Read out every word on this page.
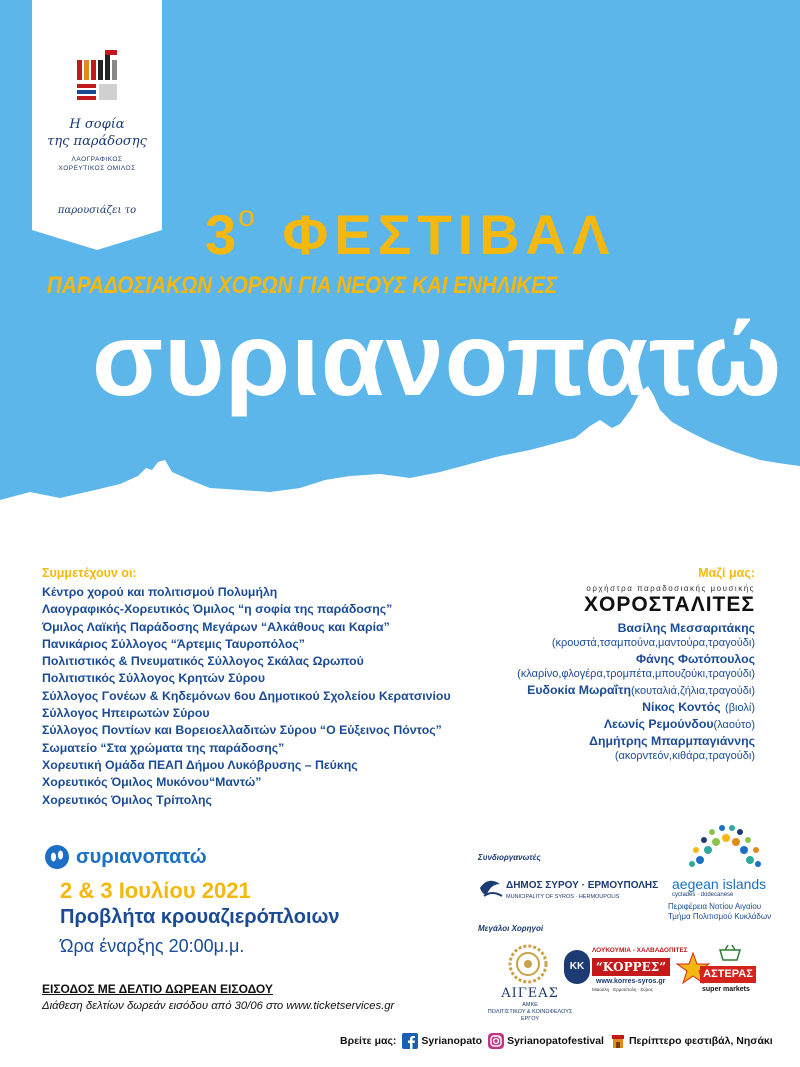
Η σοφία
της παράδοσης
ΛΑΟΓΡΑΦΙΚΟΣ
ΧΟΡΕΥΤΙΚΟΣ ΟΜΙΛΟΣ
παρουσιάζει το	$3^o$ ΦΕΣΤΙΒΑΛ
ΠΑΡΑΔΟΣΙΑΚΩΝ ΧΟΡΩΝ ΓΙΑ ΝΕΟΥΣ ΚΑΙ ΕΝΗΛΙΚΕΣ
συριανοπατώ
Συμμετέχουν οι:
Κέντρο χορού και πολιτισμού Πολυμήλη
Λαογραφικός-Χορευτικός Όμιλος “η σοφία της παράδοσης”
Όμιλος Λαϊκής Παράδοσης Μεγάρων “Αλκάθους και Καρία”
Πανικάριος Σύλλογος “Άρτεμις Ταυροπόλος”
Πολιτιστικός & Πνευματικός Σύλλογος Σκάλας Ωρωπού
Πολιτιστικός Σύλλογος Κρητών Σύρου
Σύλλογος Γονέων & Κηδεμόνων 6ου Δημοτικού Σχολείου Κερατσινίου
Σύλλογος Ηπειρωτών Σύρου
Σύλλογος Ποντίων και Βορειοελλαδιτών Σύρου “Ο Εύξεινος Πόντος”
Σωματείο “Στα χρώματα της παράδοσης”
Χορευτική Ομάδα ΠΕΑΠ Δήμου Λυκόβρυσης – Πεύκης
Χορευτικός Όμιλος Μυκόνου“Μαντώ”
Χορευτικός Όμιλος Τρίπολης
Μαζί μας:
ορχήστρα παραδοσιακής μουσικής
ΧΟΡΟΣΤΑΛΙΤΕΣ
Βασίλης Μεσσαριτάκης
(κρουστά,τσαμπούνα,μαντούρα,τραγούδι)
Φάνης Φωτόπουλος
(κλαρίνο,φλογέρα,τρομπέτα,μπουζούκι,τραγούδι)
Ευδοκία Μωραΐτη(κουταλιά,ζήλια,τραγούδι)
Νίκος Κοντός (βιολί)
Λεωνίς Ρεμούνδου(λαούτο)
Δημήτρης Μπαρμπαγιάννης
(ακορντεόν,κιθάρα,τραγούδι)
συριανοπατώ
2 & 3 Ιουλίου 2021
Προβλήτα κρουαζιερόπλοιων
Ώρα έναρξης 20:00μ.μ.
ΕΙΣΟΔΟΣ ΜΕ ΔΕΛΤΙΟ ΔΩΡΕΑΝ ΕΙΣΟΔΟΥ
Διάθεση δελτίων δωρεάν εισόδου από 30/06 στο www.ticketservices.gr
Συνδιοργανωτές
ΔΗΜΟΣ ΣΥΡΟΥ · ΕΡΜΟΥΠΟΛΗΣ
MUNICIPALITY OF SYROS · HERMOUPOLIS
aegean islands
cyclades · dodecanese
Περιφέρεια Νοτίου Αιγαίου
Τμήμα Πολιτισμού Κυκλάδων
Μεγάλοι Χορηγοί
ΑΙΓΕΑΣ
ΑΜΚΕ
ΠΟΛΙΤΙΣΤΙΚΟΥ & ΚΟΙΝΩΦΕΛΟΥΣ
ΕΡΓΟΥ
ΚΚ
ΛΟΥΚΟΥΜΙΑ - ΧΑΛΒΑΔΟΠΙΤΕΣ
“ΚΟΡΡΕΣ”
www.korres-syros.gr
Μιαούλη · Ερμούπολη · Σύρος
ΑΣΤΕΡΑΣ
super markets
Βρείτε μας: Syrianopato Syrianopatofestival Περίπτερο φεστιβάλ, Νησάκι
